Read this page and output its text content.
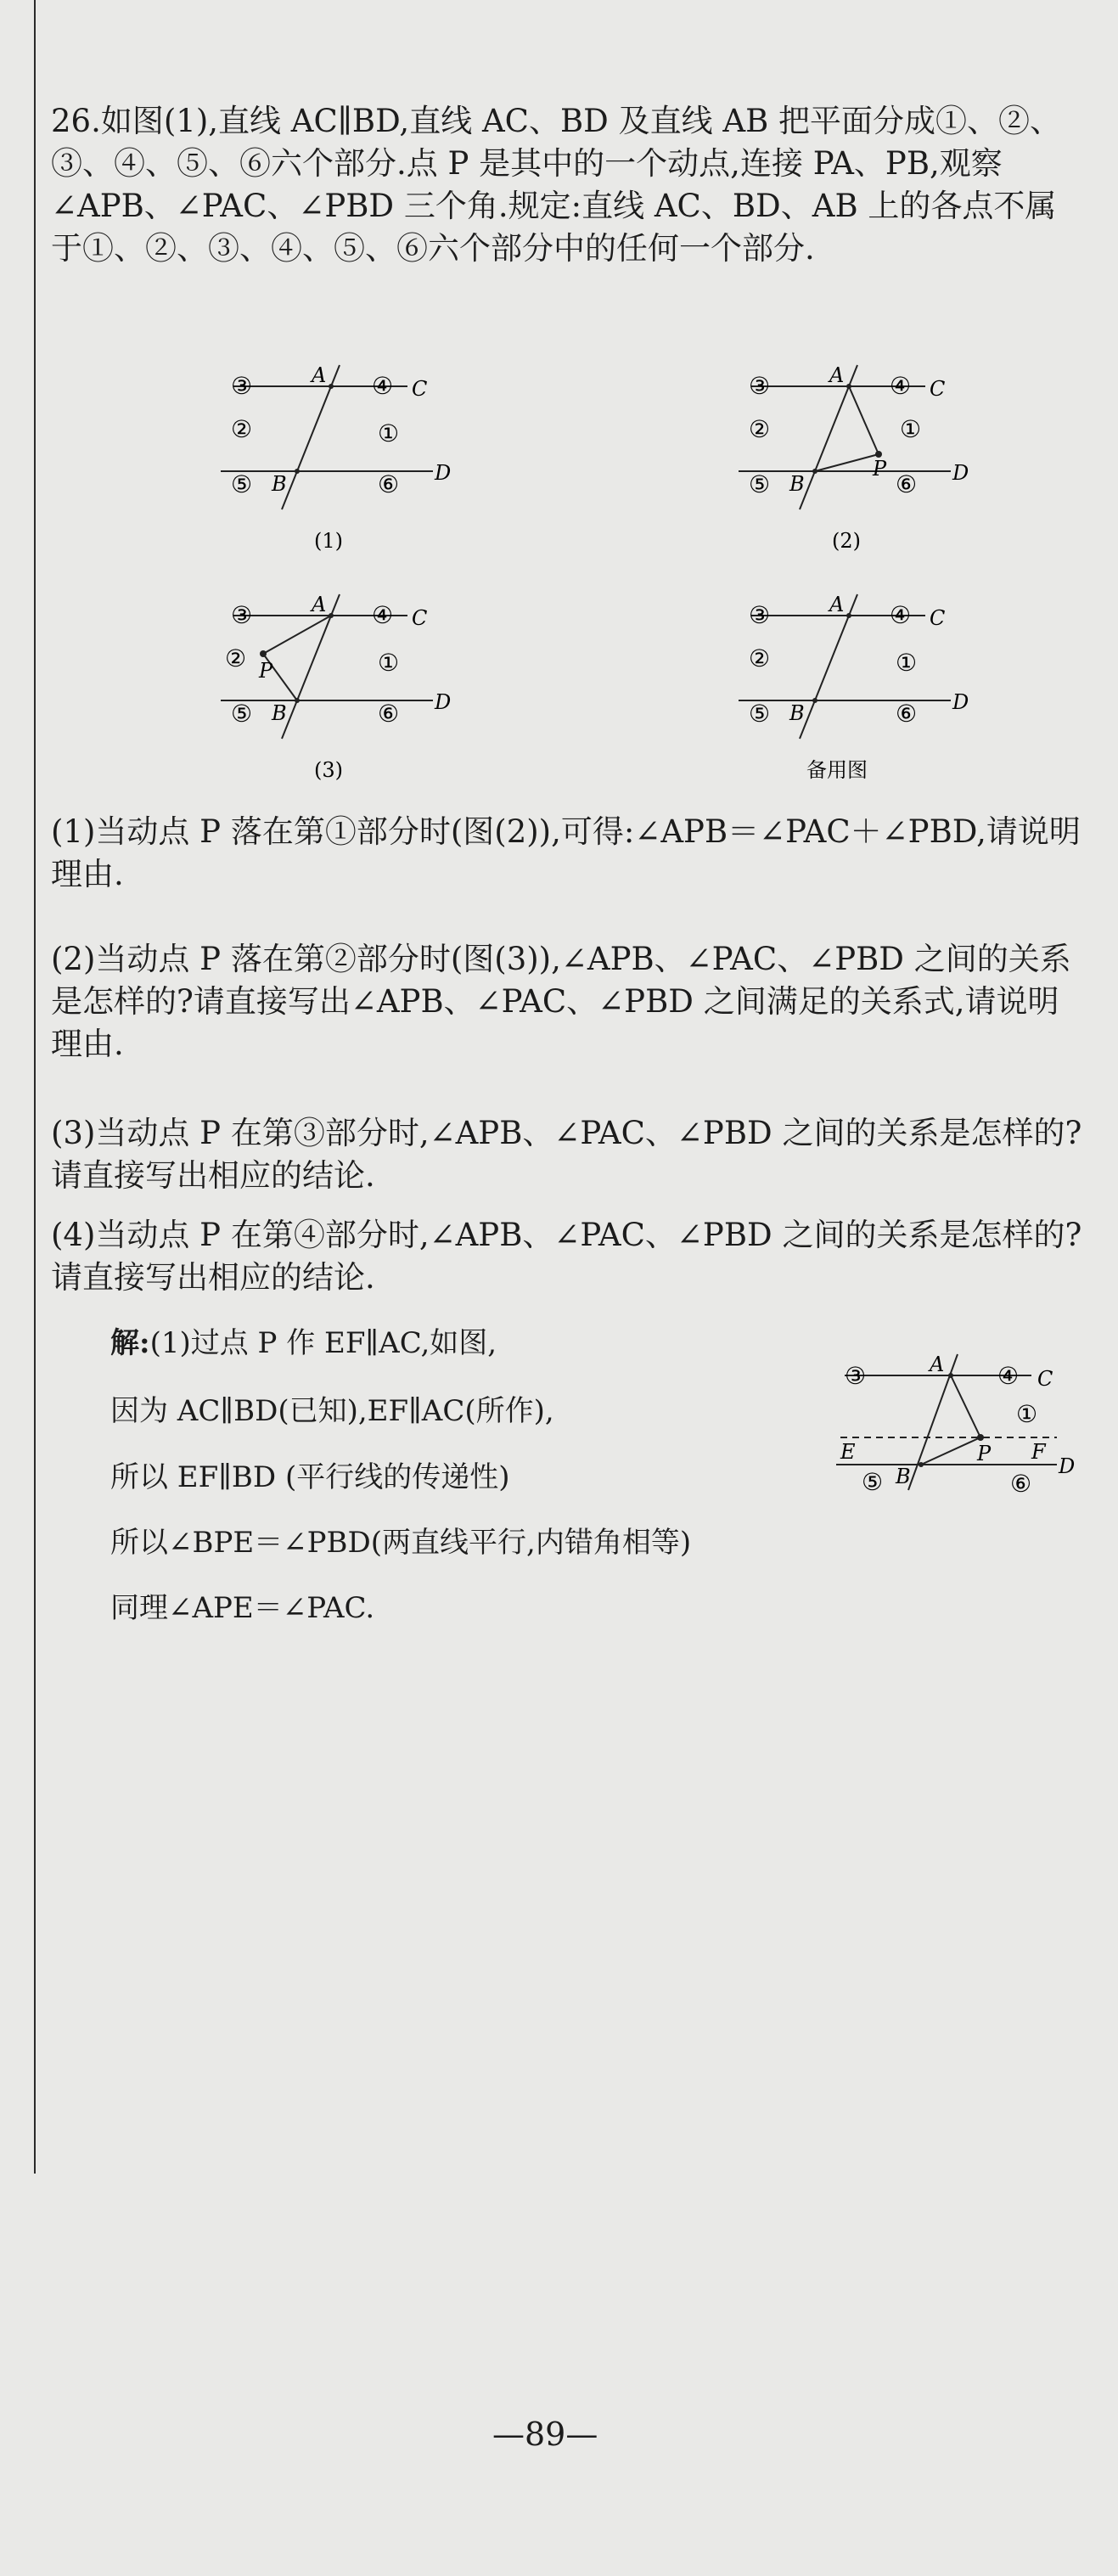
26.如图(1),直线 AC∥BD,直线 AC、BD 及直线 AB 把平面分成①、②、③、④、⑤、⑥六个部分.点 P 是其中的一个动点,连接 PA、PB,观察∠APB、∠PAC、∠PBD 三个角.规定:直线 AC、BD、AB 上的各点不属于①、②、③、④、⑤、⑥六个部分中的任何一个部分.

③	A ④ C
②	①
⑤ B	⑥ D
(1)
③	A ④ C
②	①
P
⑤ B	⑥ D
(2)
③	A ④ C
② P	①
⑤ B	⑥ D
(3)
③	A ④ C
②	①
⑤ B	⑥ D
备用图

(1)当动点 P 落在第①部分时(图(2)),可得:∠APB＝∠PAC＋∠PBD,请说明理由.

(2)当动点 P 落在第②部分时(图(3)),∠APB、∠PAC、∠PBD 之间的关系是怎样的?请直接写出∠APB、∠PAC、∠PBD 之间满足的关系式,请说明理由.

(3)当动点 P 在第③部分时,∠APB、∠PAC、∠PBD 之间的关系是怎样的?请直接写出相应的结论.

(4)当动点 P 在第④部分时,∠APB、∠PAC、∠PBD 之间的关系是怎样的?请直接写出相应的结论.

解:(1)过点 P 作 EF∥AC,如图,

因为 AC∥BD(已知),EF∥AC(所作),

所以 EF∥BD (平行线的传递性)

所以∠BPE＝∠PBD(两直线平行,内错角相等)

同理∠APE＝∠PAC.

③	A ④ C
①
E	P F
D
⑤ B	⑥
—89—
